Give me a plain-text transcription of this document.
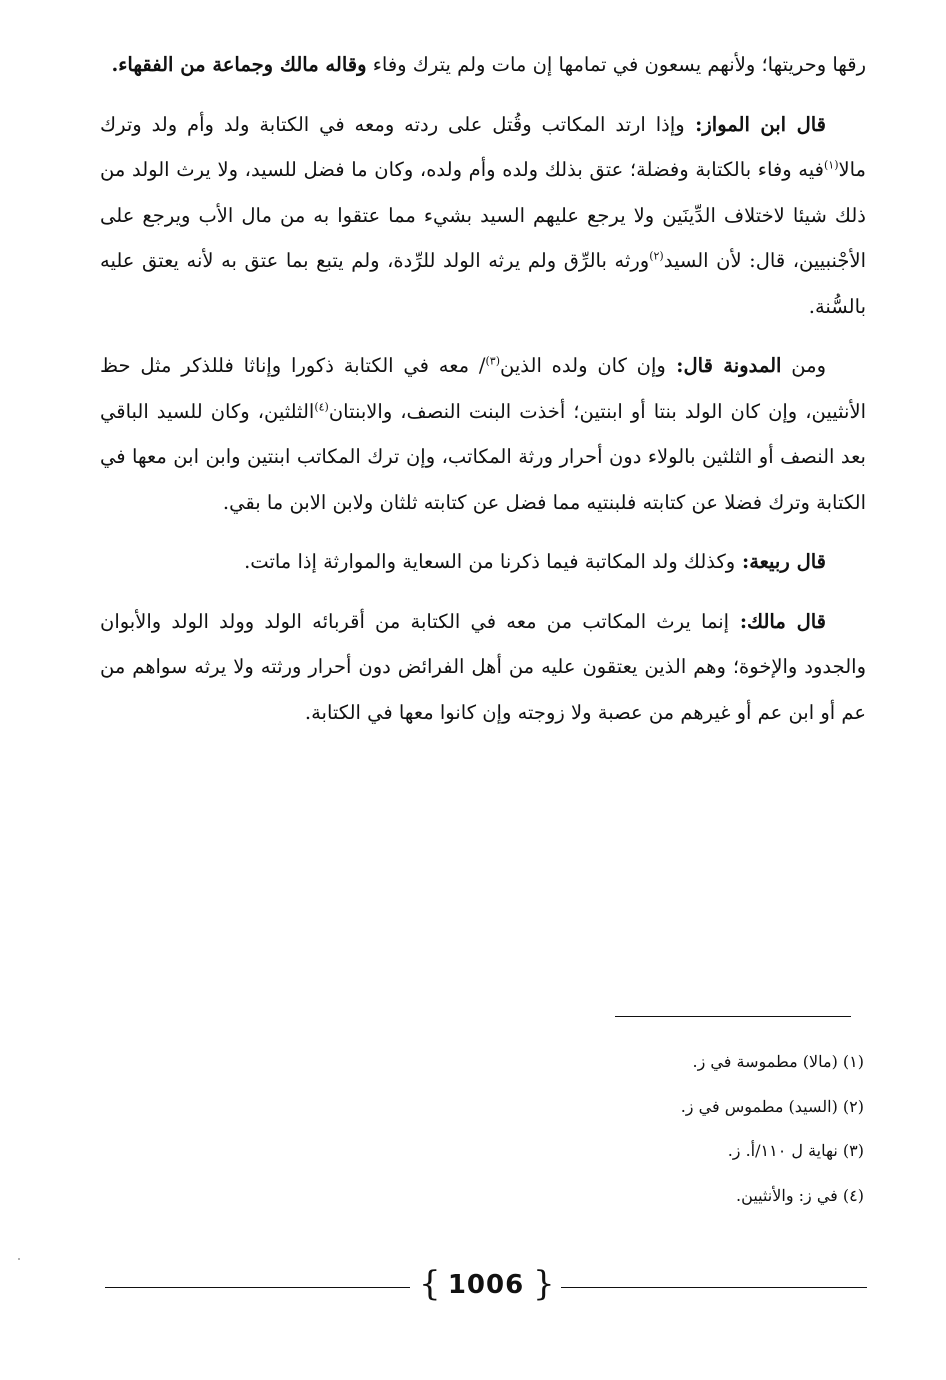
رقها وحريتها؛ ولأنهم يسعون في تمامها إن مات ولم يترك وفاء وقاله مالك وجماعة من الفقهاء.

قال ابن المواز: وإذا ارتد المكاتب وقُتل على ردته ومعه في الكتابة ولد وأم ولد وترك مالا$^{(١)}$فيه وفاء بالكتابة وفضلة؛ عتق بذلك ولده وأم ولده، وكان ما فضل للسيد، ولا يرث الولد من ذلك شيئا لاختلاف الدِّينَين ولا يرجع عليهم السيد بشيء مما عتقوا به من مال الأب ويرجع على الأجْنبيين، قال: لأن السيد$^{(٢)}$ورثه بالرِّق ولم يرثه الولد للرِّدة، ولم يتبع بما عتق به لأنه يعتق عليه بالسُّنة.

ومن المدونة قال: وإن كان ولده الذين$^{(٣)}$/ معه في الكتابة ذكورا وإناثا فللذكر مثل حظ الأنثيين، وإن كان الولد بنتا أو ابنتين؛ أخذت البنت النصف، والابنتان$^{(٤)}$الثلثين، وكان للسيد الباقي بعد النصف أو الثلثين بالولاء دون أحرار ورثة المكاتب، وإن ترك المكاتب ابنتين وابن ابن معها في الكتابة وترك فضلا عن كتابته فلبنتيه مما فضل عن كتابته ثلثان ولابن الابن ما بقي.

قال ربيعة: وكذلك ولد المكاتبة فيما ذكرنا من السعاية والموارثة إذا ماتت.

قال مالك: إنما يرث المكاتب من معه في الكتابة من أقربائه الولد وولد الولد والأبوان والجدود والإخوة؛ وهم الذين يعتقون عليه من أهل الفرائض دون أحرار ورثته ولا يرثه سواهم من عم أو ابن عم أو غيرهم من عصبة ولا زوجته وإن كانوا معها في الكتابة.

(١) (مالا) مطموسة في ز.
(٢) (السيد) مطموس في ز.
(٣) نهاية ل ١١٠/أ. ز.
(٤) في ز: والأنثيين.
{ 1006 }
